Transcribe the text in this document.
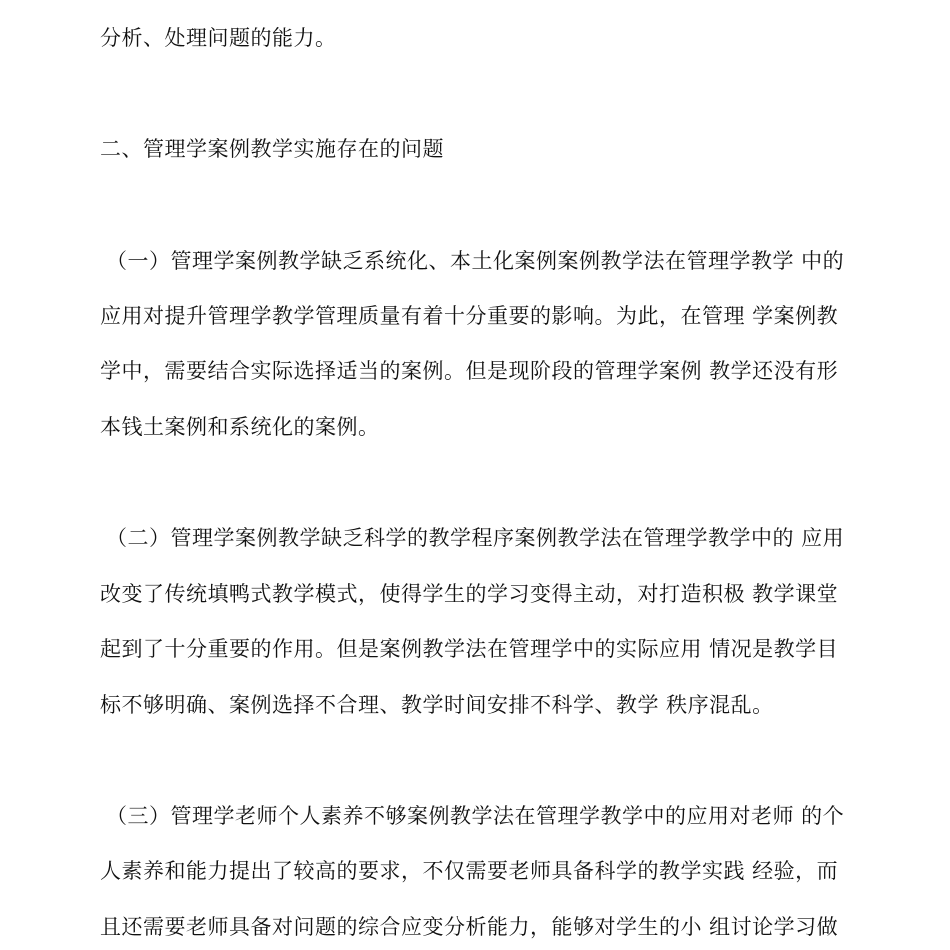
分析、处理问题的能力。
二、管理学案例教学实施存在的问题
（一）管理学案例教学缺乏系统化、本土化案例案例教学法在管理学教学 中的
应用对提升管理学教学管理质量有着十分重要的影响。为此，在管理 学案例教
学中，需要结合实际选择适当的案例。但是现阶段的管理学案例 教学还没有形
本钱土案例和系统化的案例。
（二）管理学案例教学缺乏科学的教学程序案例教学法在管理学教学中的 应用
改变了传统填鸭式教学模式，使得学生的学习变得主动，对打造积极 教学课堂
起到了十分重要的作用。但是案例教学法在管理学中的实际应用 情况是教学目
标不够明确、案例选择不合理、教学时间安排不科学、教学 秩序混乱。
（三）管理学老师个人素养不够案例教学法在管理学教学中的应用对老师 的个
人素养和能力提出了较高的要求，不仅需要老师具备科学的教学实践 经验，而
且还需要老师具备对问题的综合应变分析能力，能够对学生的小 组讨论学习做
